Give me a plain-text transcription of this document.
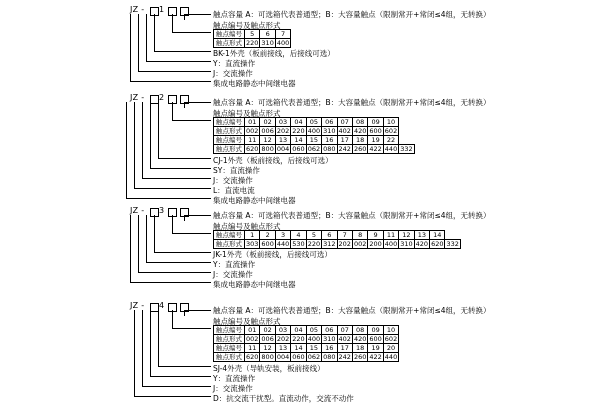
JZ - 1
触点容量 A：可选箱代表普通型；B：大容量触点（限制常开+常闭≤4组，无转换）
触点编号及触点形式
触点编号	5	6	7
触点形式	220	310	400
BK-1外壳（板前接线，后接线可选）
Y：直流操作
J：交流操作
集成电路静态中间继电器
JZ - 2
触点容量 A：可选箱代表普通型；B：大容量触点（限制常开+常闭≤4组，无转换）
触点编号及触点形式
触点编号	01	02	03	04	05	06	07	08	09	10	
触点形式	002	006	202	220	400	310	402	420	600	602	
触点编号	11	12	13	14	15	16	17	18	19	22	
触点形式	620	800	004	060	062	080	242	260	422	440	332
CJ-1外壳（板前接线，后接线可选）
SY：直流操作
J：交流操作
L：直流电流
集成电路静态中间继电器
JZ - 3
触点容量 A：可选箱代表普通型；B：大容量触点（限制常开+常闭≤4组，无转换）
触点编号及触点形式
触点编号	1	2	3	4	5	6	7	8	9	11	12	13	14	
触点形式	303	600	440	530	220	312	202	002	200	400	310	420	620	332
JK-1外壳（板前接线，后接线可选）
Y：直流操作
J：交流操作
集成电路静态中间继电器
JZ - 4
触点容量 A：可选箱代表普通型；B：大容量触点（限制常开+常闭≤4组，无转换）
触点编号及触点形式
触点编号	01	02	03	04	05	06	07	08	09	10
触点形式	002	006	202	220	400	310	402	420	600	602
触点编号	11	12	13	14	15	16	17	18	19	20
触点形式	620	800	004	060	062	080	242	260	422	440
SJ-4外壳（导轨安装，板前接线）
Y：直流操作
J：交流操作
D：抗交流干扰型。直流动作，交流不动作
